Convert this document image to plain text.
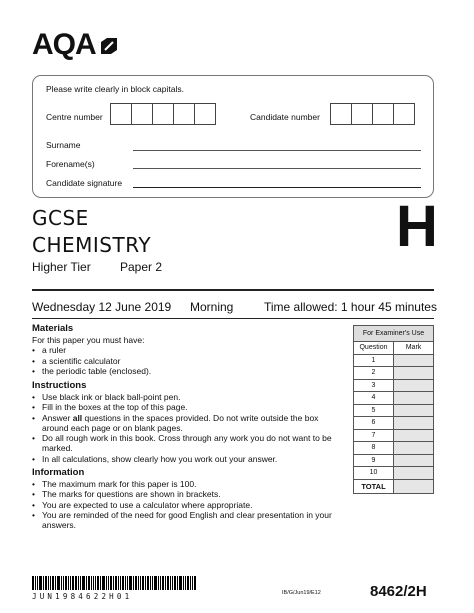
AQA
Please write clearly in block capitals.
Centre number	Candidate number
Surname
Forename(s)
Candidate signature
GCSE
CHEMISTRY	H
Higher Tier Paper 2
Wednesday 12 June 2019 Morning	Time allowed: 1 hour 45 minutes
Materials

For this paper you must have:

• a ruler
• a scientific calculator
• the periodic table (enclosed).
Instructions
• Use black ink or black ball-point pen.
• Fill in the boxes at the top of this page.
• Answer all questions in the spaces provided. Do not write outside the box around each page or on blank pages.
• Do all rough work in this book. Cross through any work you do not want to be marked.
• In all calculations, show clearly how you work out your answer.
Information
• The maximum mark for this paper is 100.
• The marks for questions are shown in brackets.
• You are expected to use a calculator where appropriate.
• You are reminded of the need for good English and clear presentation in your answers.
For Examiner's Use	
Question	Mark
1	
2	
3	
4	
5	
6	
7	
8	
9	
10	
TOTAL	
JUN1984622H01	IB/G/Jun19/E12	8462/2H
